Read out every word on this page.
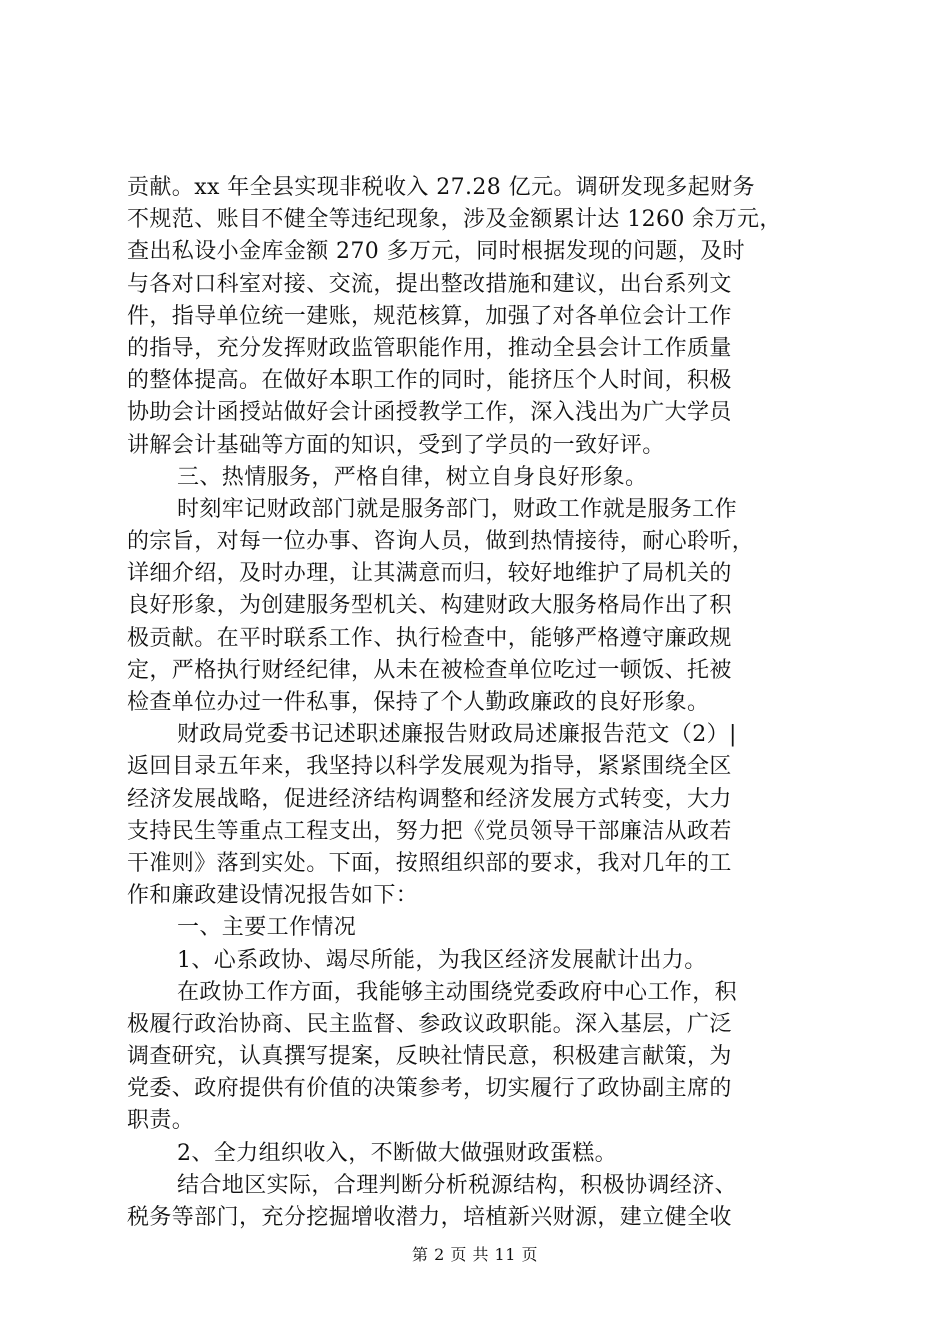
贡献。xx 年全县实现非税收入 27.28 亿元。调研发现多起财务
不规范、账目不健全等违纪现象，涉及金额累计达 1260 余万元，
查出私设小金库金额 270 多万元，同时根据发现的问题，及时
与各对口科室对接、交流，提出整改措施和建议，出台系列文
件，指导单位统一建账，规范核算，加强了对各单位会计工作
的指导，充分发挥财政监管职能作用，推动全县会计工作质量
的整体提高。在做好本职工作的同时，能挤压个人时间，积极
协助会计函授站做好会计函授教学工作，深入浅出为广大学员
讲解会计基础等方面的知识，受到了学员的一致好评。
三、热情服务，严格自律，树立自身良好形象。
时刻牢记财政部门就是服务部门，财政工作就是服务工作
的宗旨，对每一位办事、咨询人员，做到热情接待，耐心聆听，
详细介绍，及时办理，让其满意而归，较好地维护了局机关的
良好形象，为创建服务型机关、构建财政大服务格局作出了积
极贡献。在平时联系工作、执行检查中，能够严格遵守廉政规
定，严格执行财经纪律，从未在被检查单位吃过一顿饭、托被
检查单位办过一件私事，保持了个人勤政廉政的良好形象。
财政局党委书记述职述廉报告财政局述廉报告范文（2）|
返回目录五年来，我坚持以科学发展观为指导，紧紧围绕全区
经济发展战略，促进经济结构调整和经济发展方式转变，大力
支持民生等重点工程支出，努力把《党员领导干部廉洁从政若
干准则》落到实处。下面，按照组织部的要求，我对几年的工
作和廉政建设情况报告如下：
一、主要工作情况
1、心系政协、竭尽所能，为我区经济发展献计出力。
在政协工作方面，我能够主动围绕党委政府中心工作，积
极履行政治协商、民主监督、参政议政职能。深入基层，广泛
调查研究，认真撰写提案，反映社情民意，积极建言献策，为
党委、政府提供有价值的决策参考，切实履行了政协副主席的
职责。
2、全力组织收入，不断做大做强财政蛋糕。
结合地区实际，合理判断分析税源结构，积极协调经济、
税务等部门，充分挖掘增收潜力，培植新兴财源，建立健全收
第 2 页 共 11 页
